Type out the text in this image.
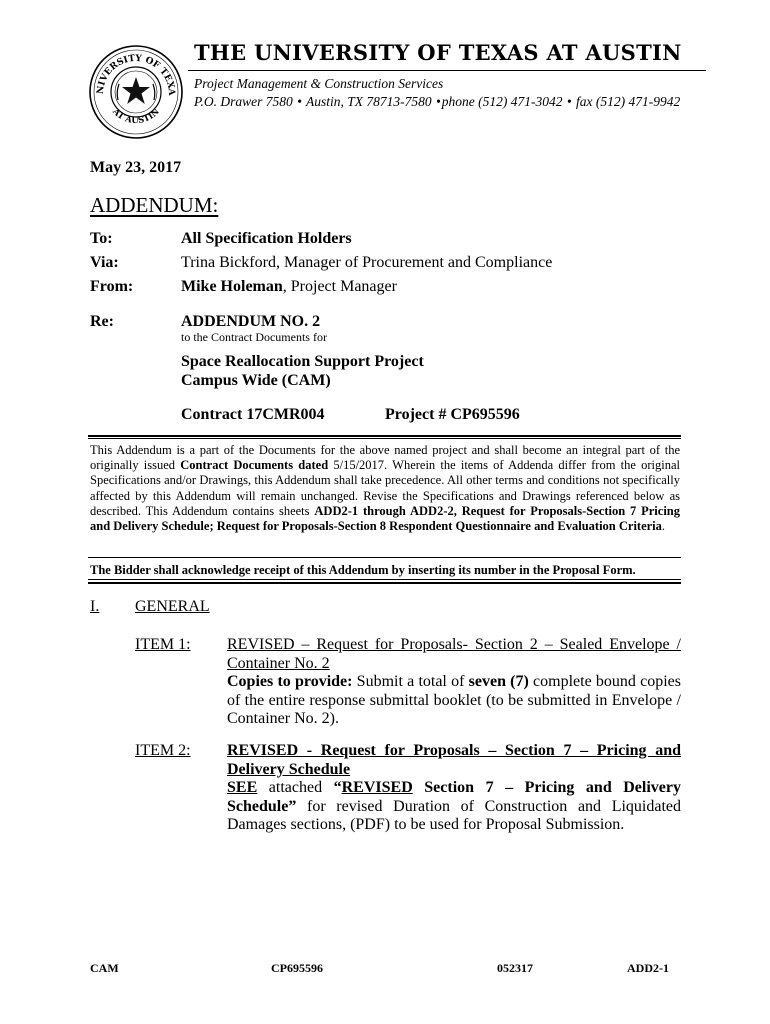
NIVERSITY OF TEXA
AT AUSTIN
THE UNIVERSITY OF TEXAS AT AUSTIN
Project Management & Construction Services
P.O. Drawer 7580 • Austin, TX 78713-7580 •phone (512) 471-3042 • fax (512) 471-9942
May 23, 2017
ADDENDUM:
To:	All Specification Holders
Via:	Trina Bickford, Manager of Procurement and Compliance
From:	Mike Holeman, Project Manager
Re:	ADDENDUM NO. 2
to the Contract Documents for
Space Reallocation Support Project
Campus Wide (CAM)
Contract 17CMR004	Project # CP695596
This Addendum is a part of the Documents for the above named project and shall become an integral part of the originally issued Contract Documents dated 5/15/2017. Wherein the items of Addenda differ from the original Specifications and/or Drawings, this Addendum shall take precedence. All other terms and conditions not specifically affected by this Addendum will remain unchanged. Revise the Specifications and Drawings referenced below as described. This Addendum contains sheets ADD2-1 through ADD2-2, Request for Proposals-Section 7 Pricing and Delivery Schedule; Request for Proposals-Section 8 Respondent Questionnaire and Evaluation Criteria.
The Bidder shall acknowledge receipt of this Addendum by inserting its number in the Proposal Form.
I. GENERAL
ITEM 1: REVISED – Request for Proposals- Section 2 – Sealed Envelope / Container No. 2
Copies to provide: Submit a total of seven (7) complete bound copies of the entire response submittal booklet (to be submitted in Envelope / Container No. 2).
ITEM 2: REVISED - Request for Proposals – Section 7 – Pricing and Delivery Schedule
SEE attached “REVISED Section 7 – Pricing and Delivery Schedule” for revised Duration of Construction and Liquidated Damages sections, (PDF) to be used for Proposal Submission.
CAM	CP695596	052317	ADD2-1
